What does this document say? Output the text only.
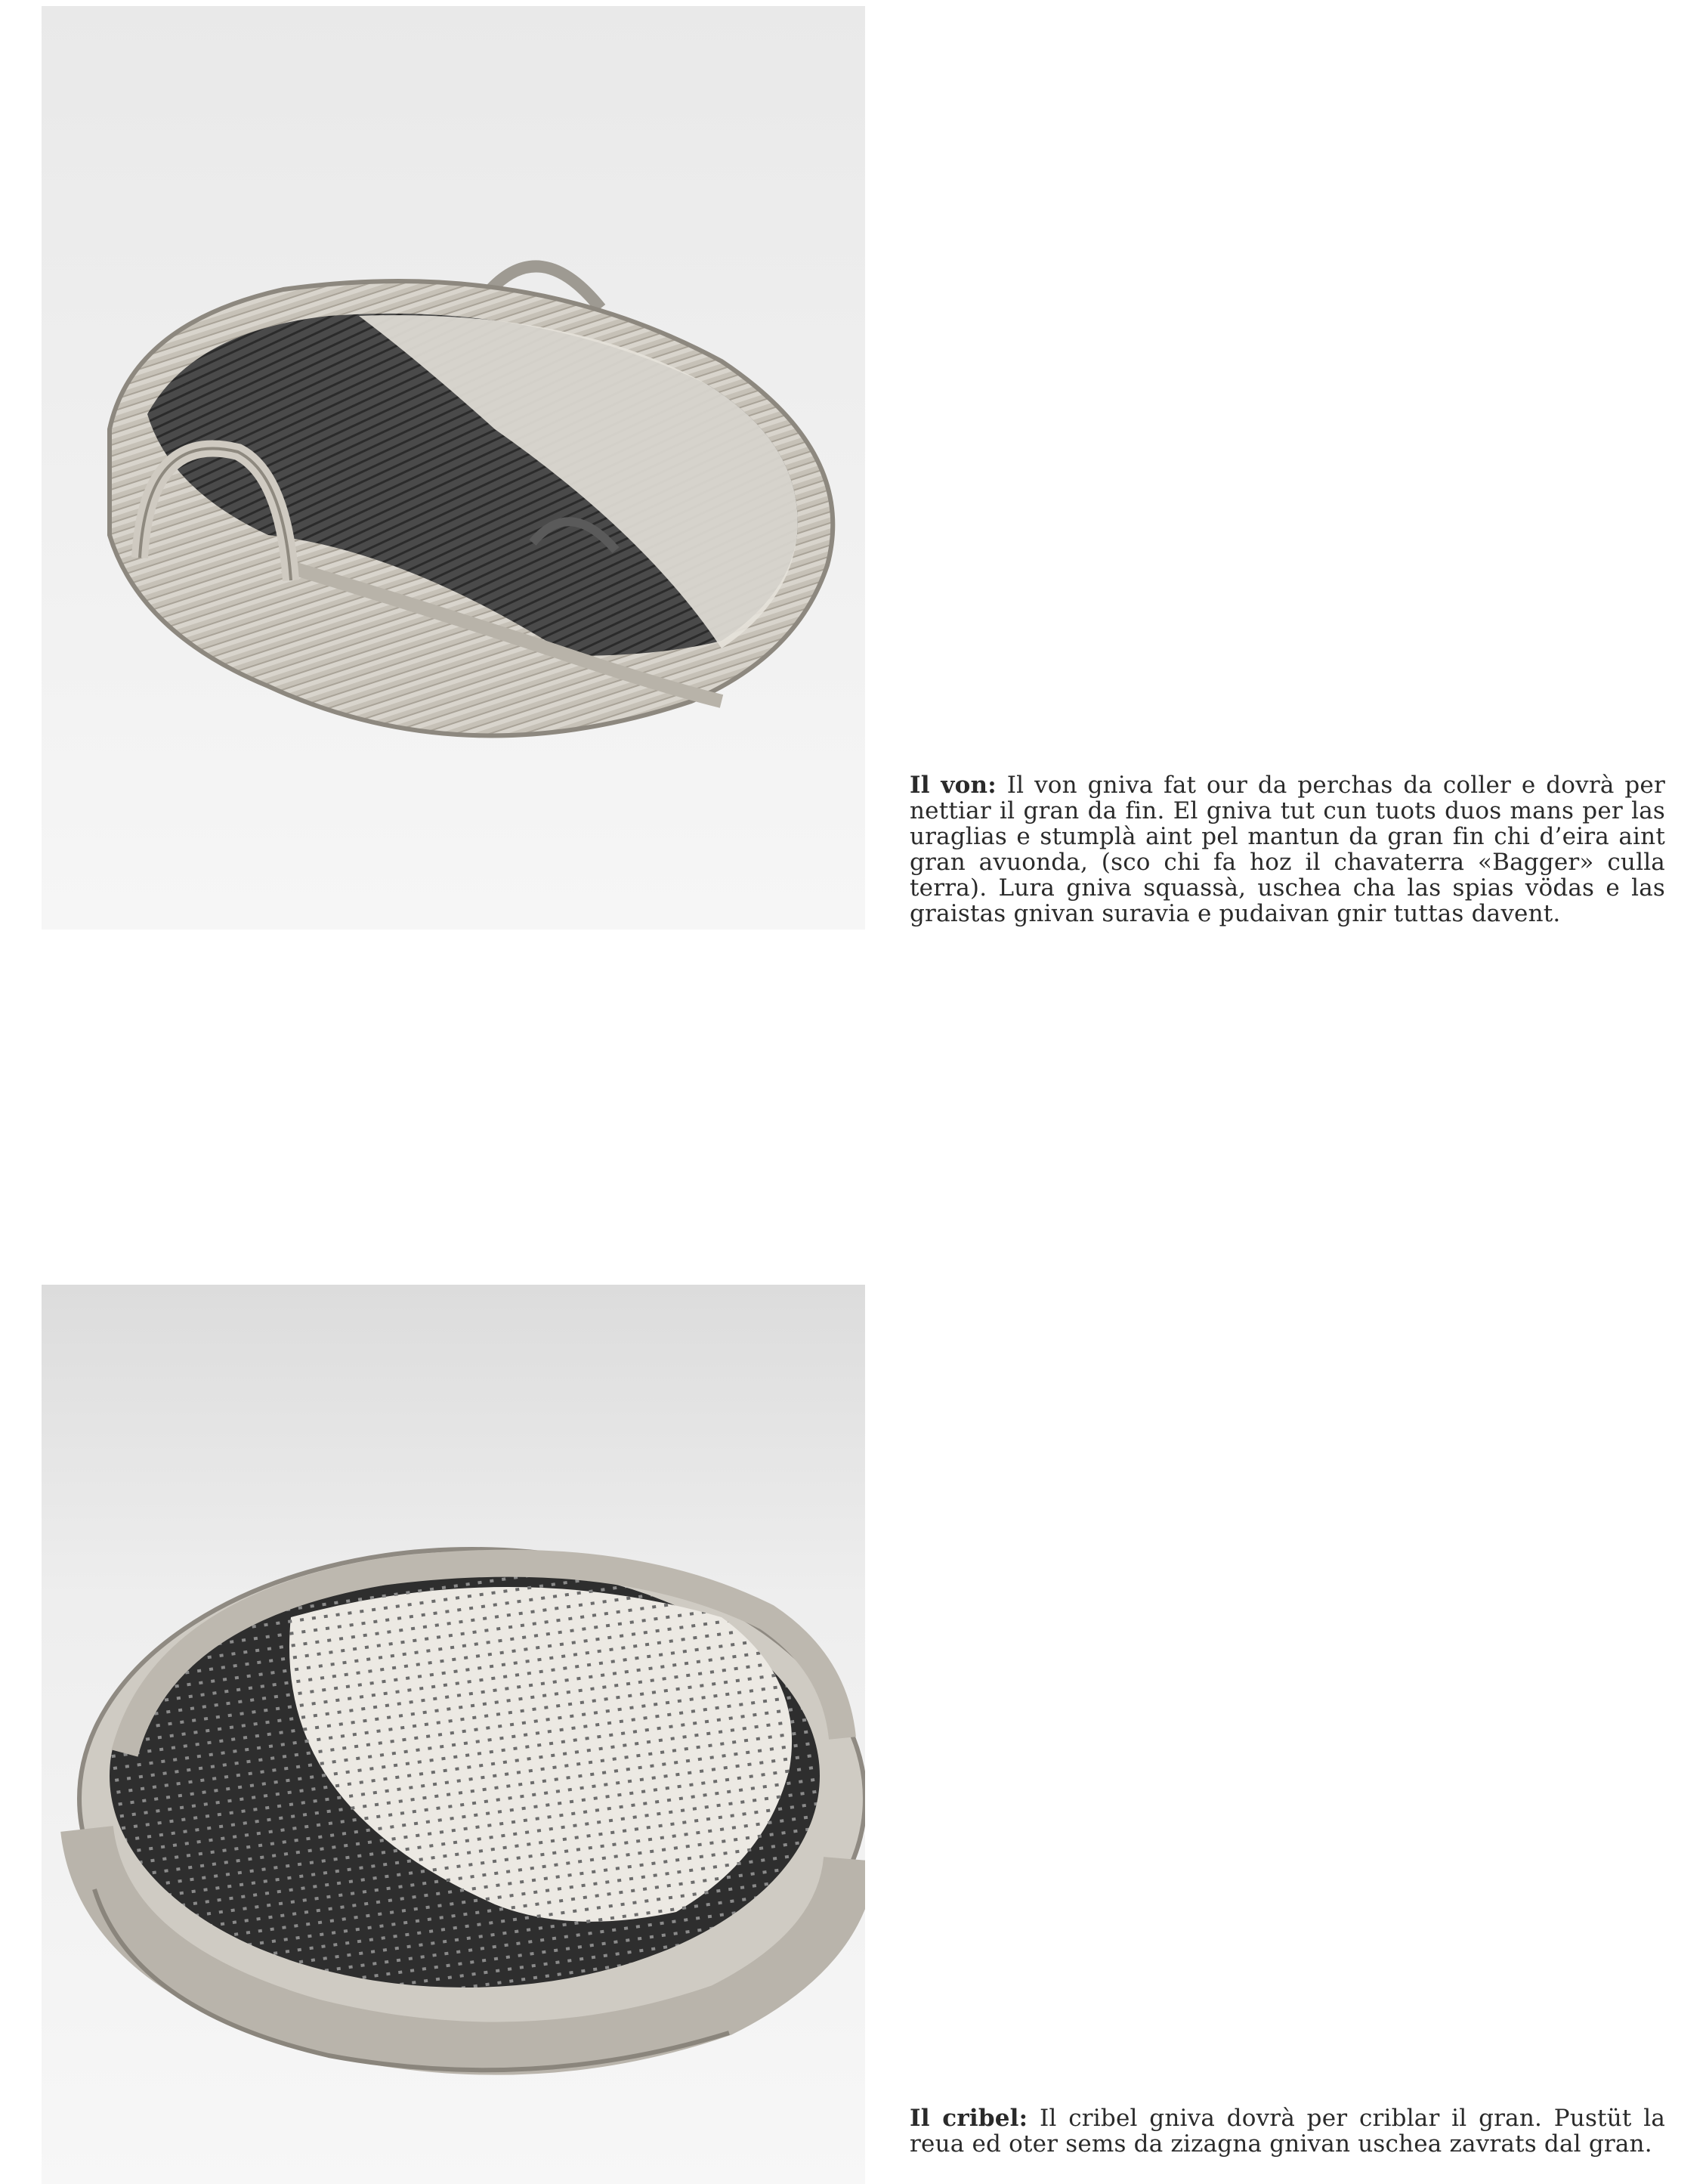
Il von: Il von gniva fat our da perchas da coller e dovrà per nettiar il gran da fin. El gniva tut cun tuots duos mans per las uraglias e stumplà aint pel mantun da gran fin chi d’eira aint gran avuonda, (sco chi fa hoz il chavaterra «Bagger» culla terra). Lura gniva squassà, uschea cha las spias vödas e las graistas gnivan suravia e pudaivan gnir tuttas davent.
Il cribel: Il cribel gniva dovrà per criblar il gran. Pustüt la reua ed oter sems da zizagna gnivan uschea zavrats dal gran.
